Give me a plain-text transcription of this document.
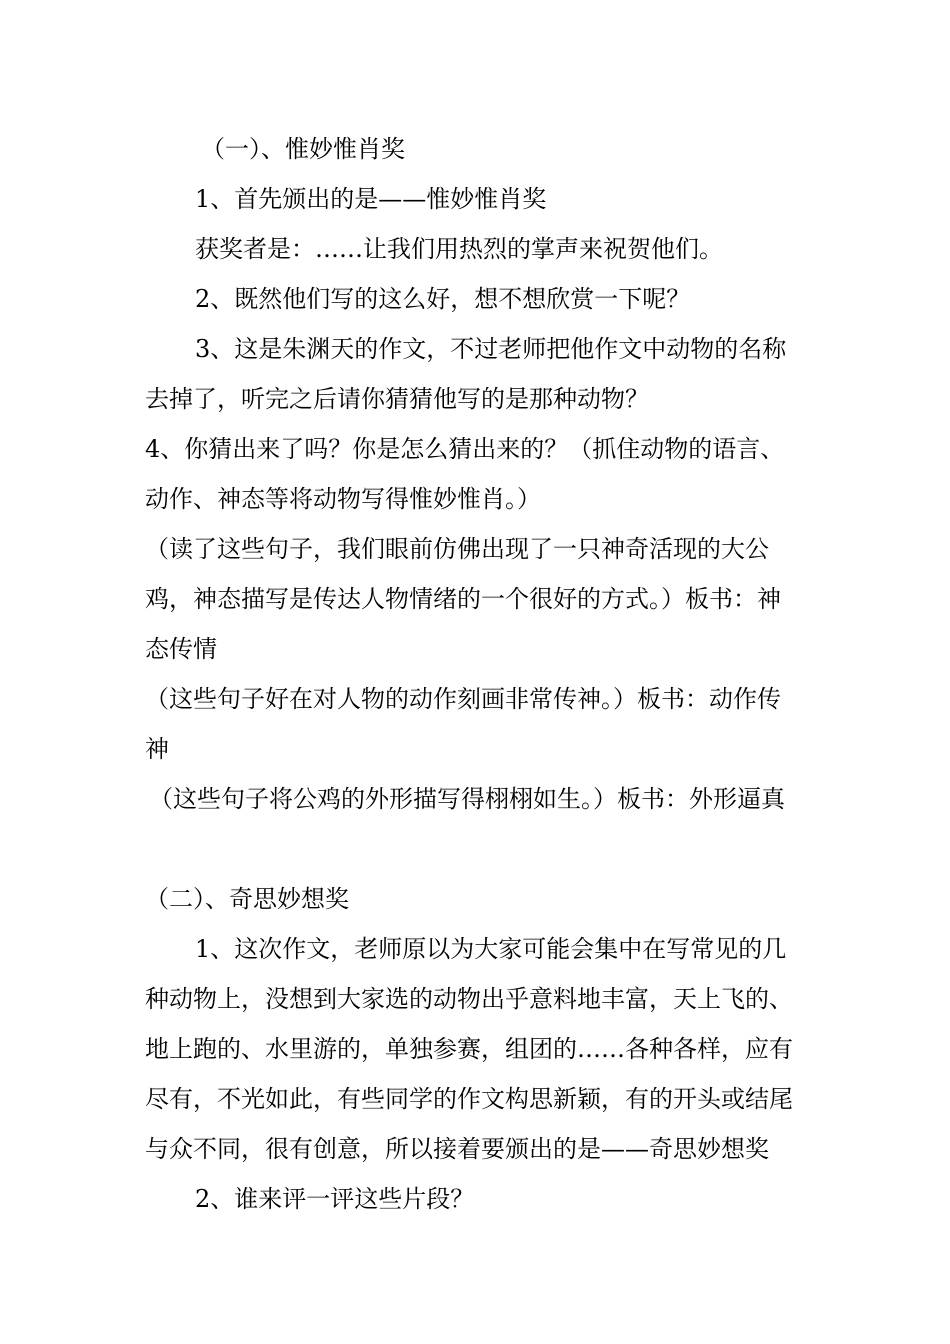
（一）、惟妙惟肖奖
1、首先颁出的是——惟妙惟肖奖
获奖者是：……让我们用热烈的掌声来祝贺他们。
2、既然他们写的这么好，想不想欣赏一下呢？
3、这是朱渊天的作文，不过老师把他作文中动物的名称
去掉了，听完之后请你猜猜他写的是那种动物？
4、你猜出来了吗？你是怎么猜出来的？（抓住动物的语言、
动作、神态等将动物写得惟妙惟肖。）
（读了这些句子，我们眼前仿佛出现了一只神奇活现的大公
鸡，神态描写是传达人物情绪的一个很好的方式。）板书：神
态传情
（这些句子好在对人物的动作刻画非常传神。）板书：动作传
神
（这些句子将公鸡的外形描写得栩栩如生。）板书：外形逼真
（二）、奇思妙想奖
1、这次作文，老师原以为大家可能会集中在写常见的几
种动物上，没想到大家选的动物出乎意料地丰富，天上飞的、
地上跑的、水里游的，单独参赛，组团的……各种各样，应有
尽有，不光如此，有些同学的作文构思新颖，有的开头或结尾
与众不同，很有创意，所以接着要颁出的是——奇思妙想奖
2、谁来评一评这些片段？
